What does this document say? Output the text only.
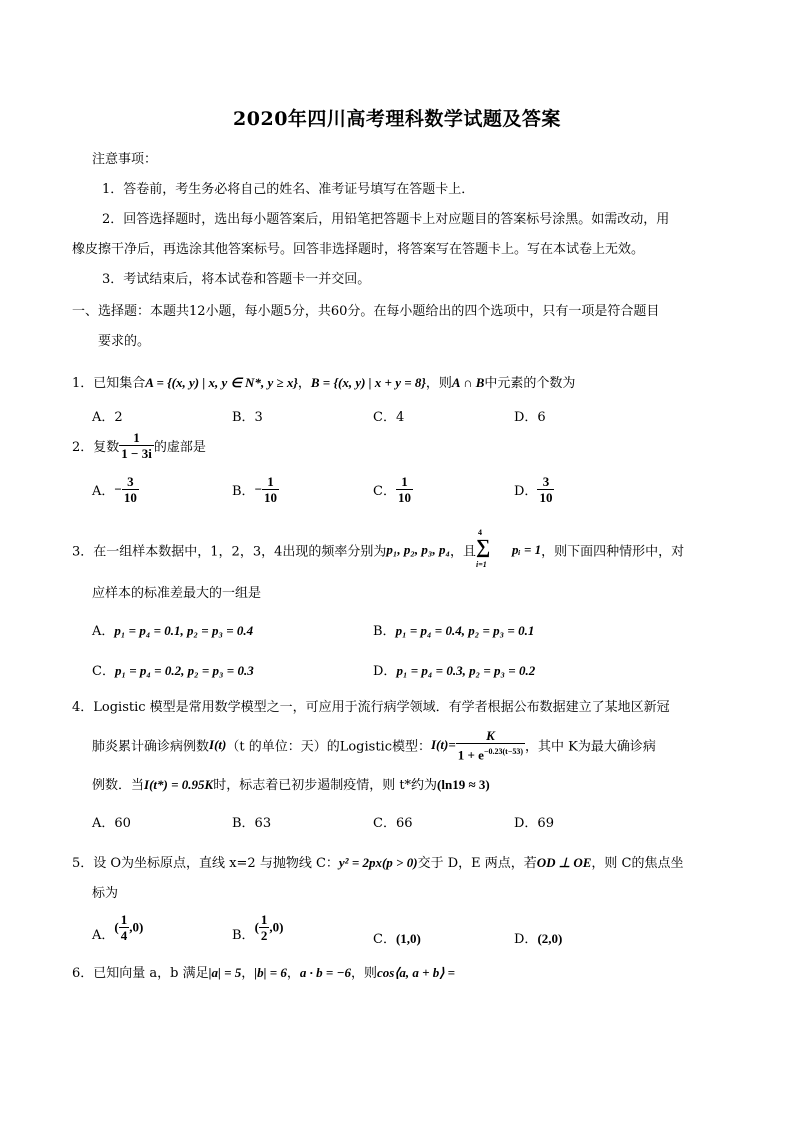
2020年四川高考理科数学试题及答案
注意事项：
1．答卷前，考生务必将自己的姓名、准考证号填写在答题卡上．
2．回答选择题时，选出每小题答案后，用铅笔把答题卡上对应题目的答案标号涂黑。如需改动，用
橡皮擦干净后，再选涂其他答案标号。回答非选择题时，将答案写在答题卡上。写在本试卷上无效。
3．考试结束后，将本试卷和答题卡一并交回。
一、选择题：本题共12小题，每小题5分，共60分。在每小题给出的四个选项中，只有一项是符合题目
要求的。
1．已知集合A = {(x, y) | x, y ∈ N*, y ≥ x}，B = {(x, y) | x + y = 8}，则A ∩ B中元素的个数为
A．2	B．3	C．4	D．6
2．复数 $\frac{1}{1 - 3i}$ 的虚部是
A．− $\frac{3}{10}$	B．− $\frac{1}{10}$	C． $\frac{1}{10}$	D． $\frac{3}{10}$
3．在一组样本数据中，1，2，3，4出现的频率分别为p₁, p₂, p₃, p₄，且
4
∑
i=1
pᵢ = 1，则下面四种情形中，对
应样本的标准差最大的一组是
A．p₁ = p₄ = 0.1, p₂ = p₃ = 0.4	B．p₁ = p₄ = 0.4, p₂ = p₃ = 0.1
C．p₁ = p₄ = 0.2, p₂ = p₃ = 0.3	D．p₁ = p₄ = 0.3, p₂ = p₃ = 0.2
4．Logistic 模型是常用数学模型之一，可应用于流行病学领域．有学者根据公布数据建立了某地区新冠
肺炎累计确诊病例数I(t)（t 的单位：天）的Logistic模型：$I(t)= \frac{K}{1 + e^{-0.23(t-53)}}$ ，其中 K为最大确诊病
例数．当I(t*) = 0.95K时，标志着已初步遏制疫情，则 t*约为(ln19 ≈ 3)
A．60	B．63	C．66	D．69
5．设 O为坐标原点，直线 x=2 与抛物线 C：y² = 2px(p > 0)交于 D，E 两点，若OD ⊥ OE，则 C的焦点坐
标为
A．( $\frac{1}{4} ,0$)
B．( $\frac{1}{2} ,0$)
C．(1,0)	D．(2,0)
6．已知向量 a，b 满足|a| = 5，|b| = 6，a · b = −6，则cos⟨a, a + b⟩ =
